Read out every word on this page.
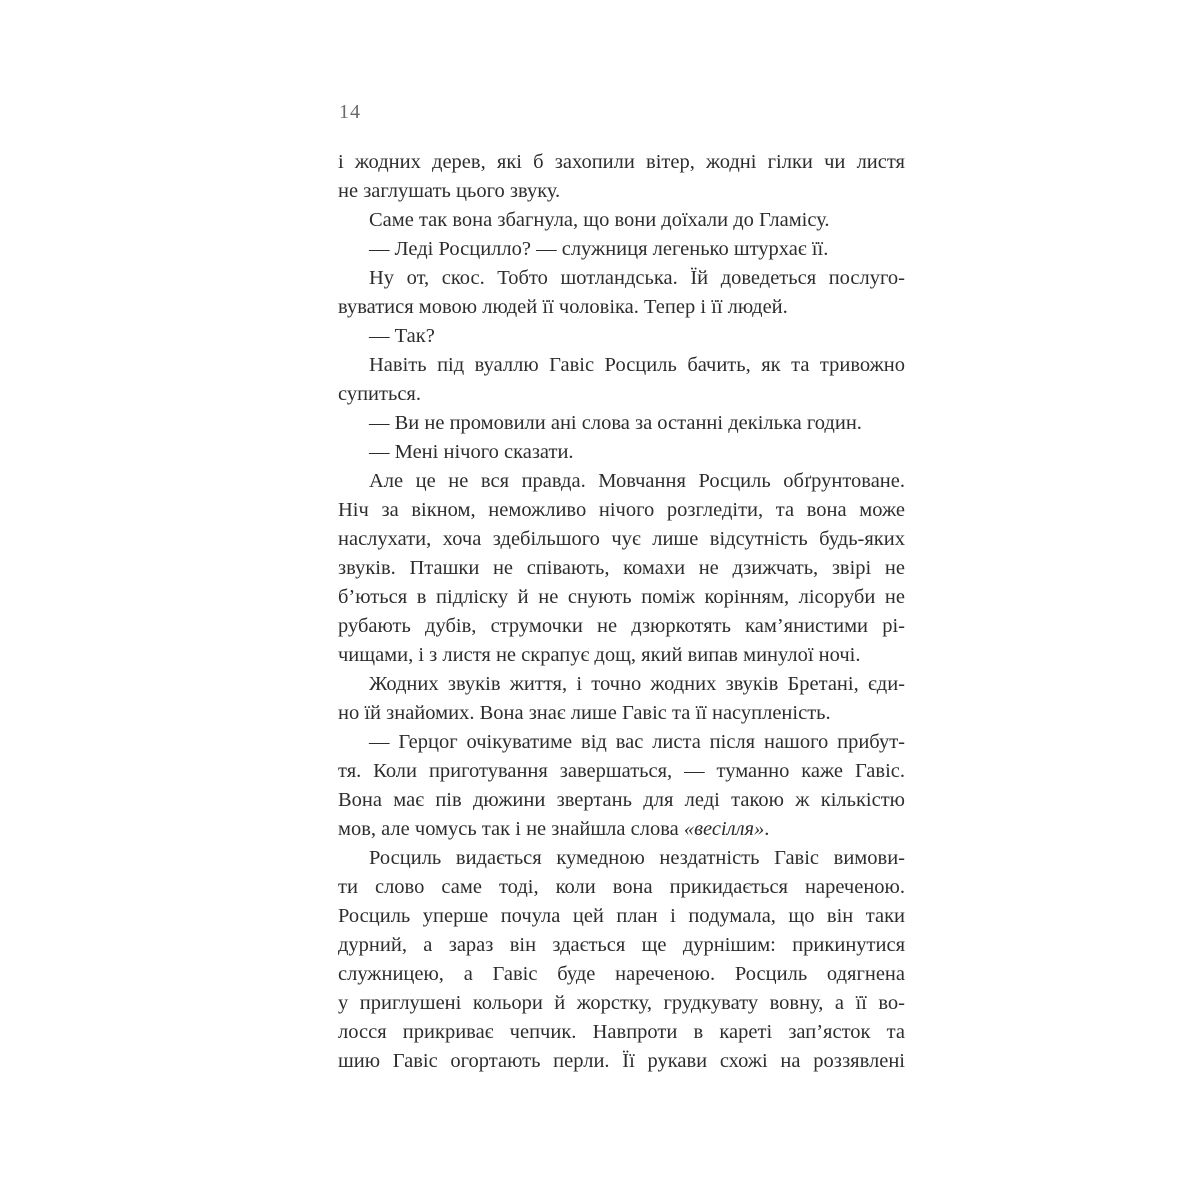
14
і жодних дерев, які б захопили вітер, жодні гілки чи листя
не заглушать цього звуку.
Саме так вона збагнула, що вони доїхали до Гламісу.
— Леді Росцилло? — служниця легенько штурхає її.
Ну от, скос. Тобто шотландська. Їй доведеться послуго-
вуватися мовою людей її чоловіка. Тепер і її людей.
— Так?
Навіть під вуаллю Гавіс Росциль бачить, як та тривожно
супиться.
— Ви не промовили ані слова за останні декілька годин.
— Мені нічого сказати.
Але це не вся правда. Мовчання Росциль обґрунтоване.
Ніч за вікном, неможливо нічого розгледіти, та вона може
наслухати, хоча здебільшого чує лише відсутність будь-яких
звуків. Пташки не співають, комахи не дзижчать, звірі не
б’ються в підліску й не снують поміж корінням, лісоруби не
рубають дубів, струмочки не дзюркотять кам’янистими рі-
чищами, і з листя не скрапує дощ, який випав минулої ночі.
Жодних звуків життя, і точно жодних звуків Бретані, єди-
но їй знайомих. Вона знає лише Гавіс та її насупленість.
— Герцог очікуватиме від вас листа після нашого прибут-
тя. Коли приготування завершаться, — туманно каже Гавіс.
Вона має пів дюжини звертань для леді такою ж кількістю
мов, але чомусь так і не знайшла слова «весілля».
Росциль видається кумедною нездатність Гавіс вимови-
ти слово саме тоді, коли вона прикидається нареченою.
Росциль уперше почула цей план і подумала, що він таки
дурний, а зараз він здається ще дурнішим: прикинутися
служницею, а Гавіс буде нареченою. Росциль одягнена
у приглушені кольори й жорстку, грудкувату вовну, а її во-
лосся прикриває чепчик. Навпроти в кареті зап’ясток та
шию Гавіс огортають перли. Її рукави схожі на роззявлені
